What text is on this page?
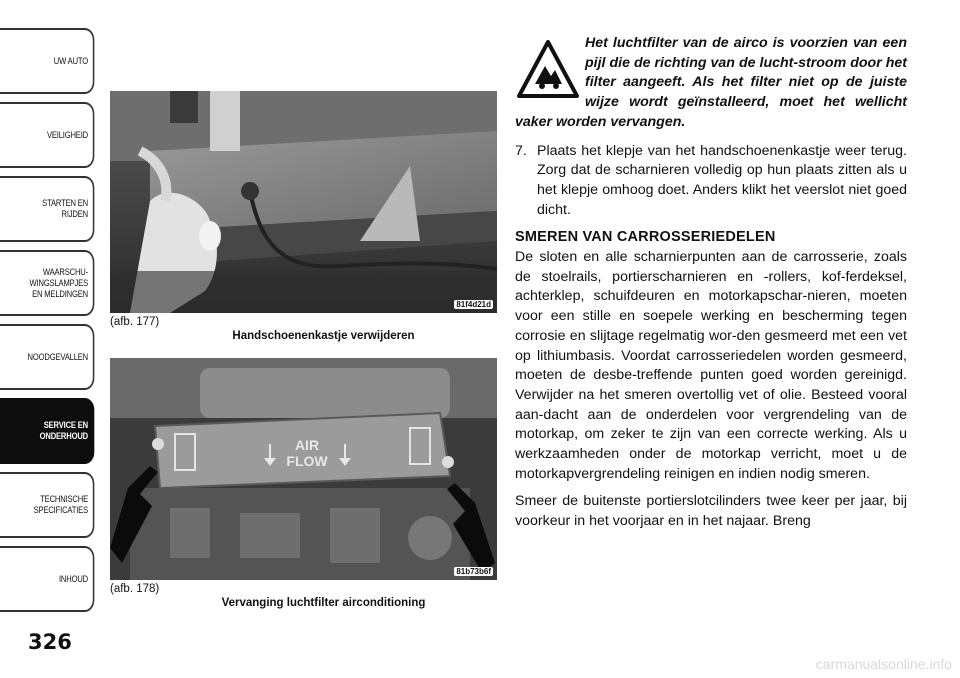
UW AUTO
VEILIGHEID
STARTEN EN
RIJDEN
WAARSCHU-
WINGSLAMPJES
EN MELDINGEN
NOODGEVALLEN
SERVICE EN
ONDERHOUD
TECHNISCHE
SPECIFICATIES
INHOUD
326
81f4d21d
(afb. 177)
Handschoenenkastje verwijderen
AIR
FLOW
81b73b6f
(afb. 178)
Vervanging luchtfilter airconditioning

Het luchtfilter van de airco is voorzien van een pijl die de richting van de lucht-stroom door het filter aangeeft. Als het filter niet op de juiste wijze wordt geïnstalleerd, moet het wellicht vaker worden vervangen.

7. Plaats het klepje van het handschoenenkastje weer terug. Zorg dat de scharnieren volledig op hun plaats zitten als u het klepje omhoog doet. Anders klikt het veerslot niet goed dicht.
SMEREN VAN CARROSSERIEDELEN

De sloten en alle scharnierpunten aan de carrosserie, zoals de stoelrails, portierscharnieren en -rollers, kof-ferdeksel, achterklep, schuifdeuren en motorkapschar-nieren, moeten voor een stille en soepele werking en bescherming tegen corrosie en slijtage regelmatig wor-den gesmeerd met een vet op lithiumbasis. Voordat carrosseriedelen worden gesmeerd, moeten de desbe-treffende punten goed worden gereinigd. Verwijder na het smeren overtollig vet of olie. Besteed vooral aan-dacht aan de onderdelen voor vergrendeling van de motorkap, om zeker te zijn van een correcte werking. Als u werkzaamheden onder de motorkap verricht, moet u de motorkapvergrendeling reinigen en indien nodig smeren.

Smeer de buitenste portierslotcilinders twee keer per jaar, bij voorkeur in het voorjaar en in het najaar. Breng

carmanualsonline.info
